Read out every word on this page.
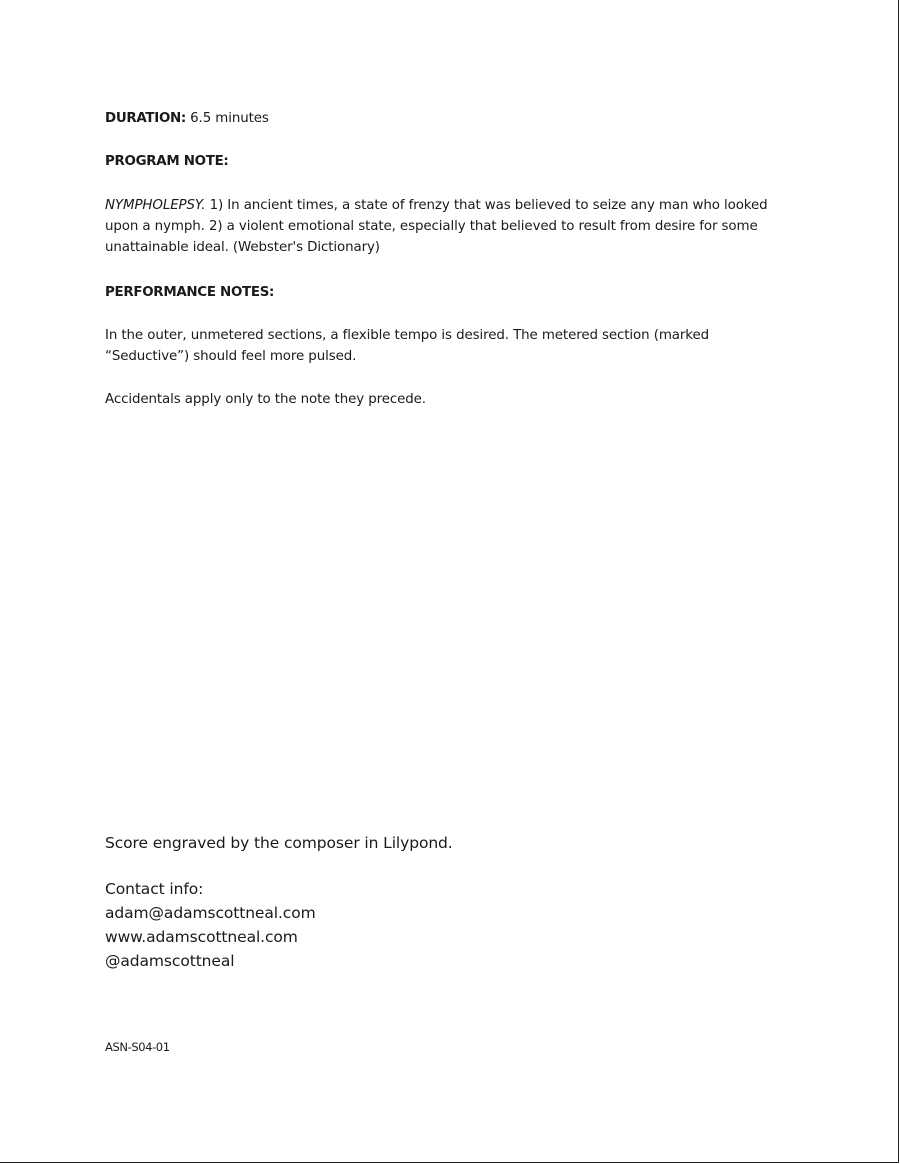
DURATION: 6.5 minutes
PROGRAM NOTE:
NYMPHOLEPSY. 1) In ancient times, a state of frenzy that was believed to seize any man who looked upon a nymph. 2) a violent emotional state, especially that believed to result from desire for some unattainable ideal. (Webster's Dictionary)
PERFORMANCE NOTES:

In the outer, unmetered sections, a flexible tempo is desired. The metered section (marked “Seductive”) should feel more pulsed.

Accidentals apply only to the note they precede.

Score engraved by the composer in Lilypond.

Contact info:

adam@adamscottneal.com

www.adamscottneal.com

@adamscottneal

ASN-S04-01
